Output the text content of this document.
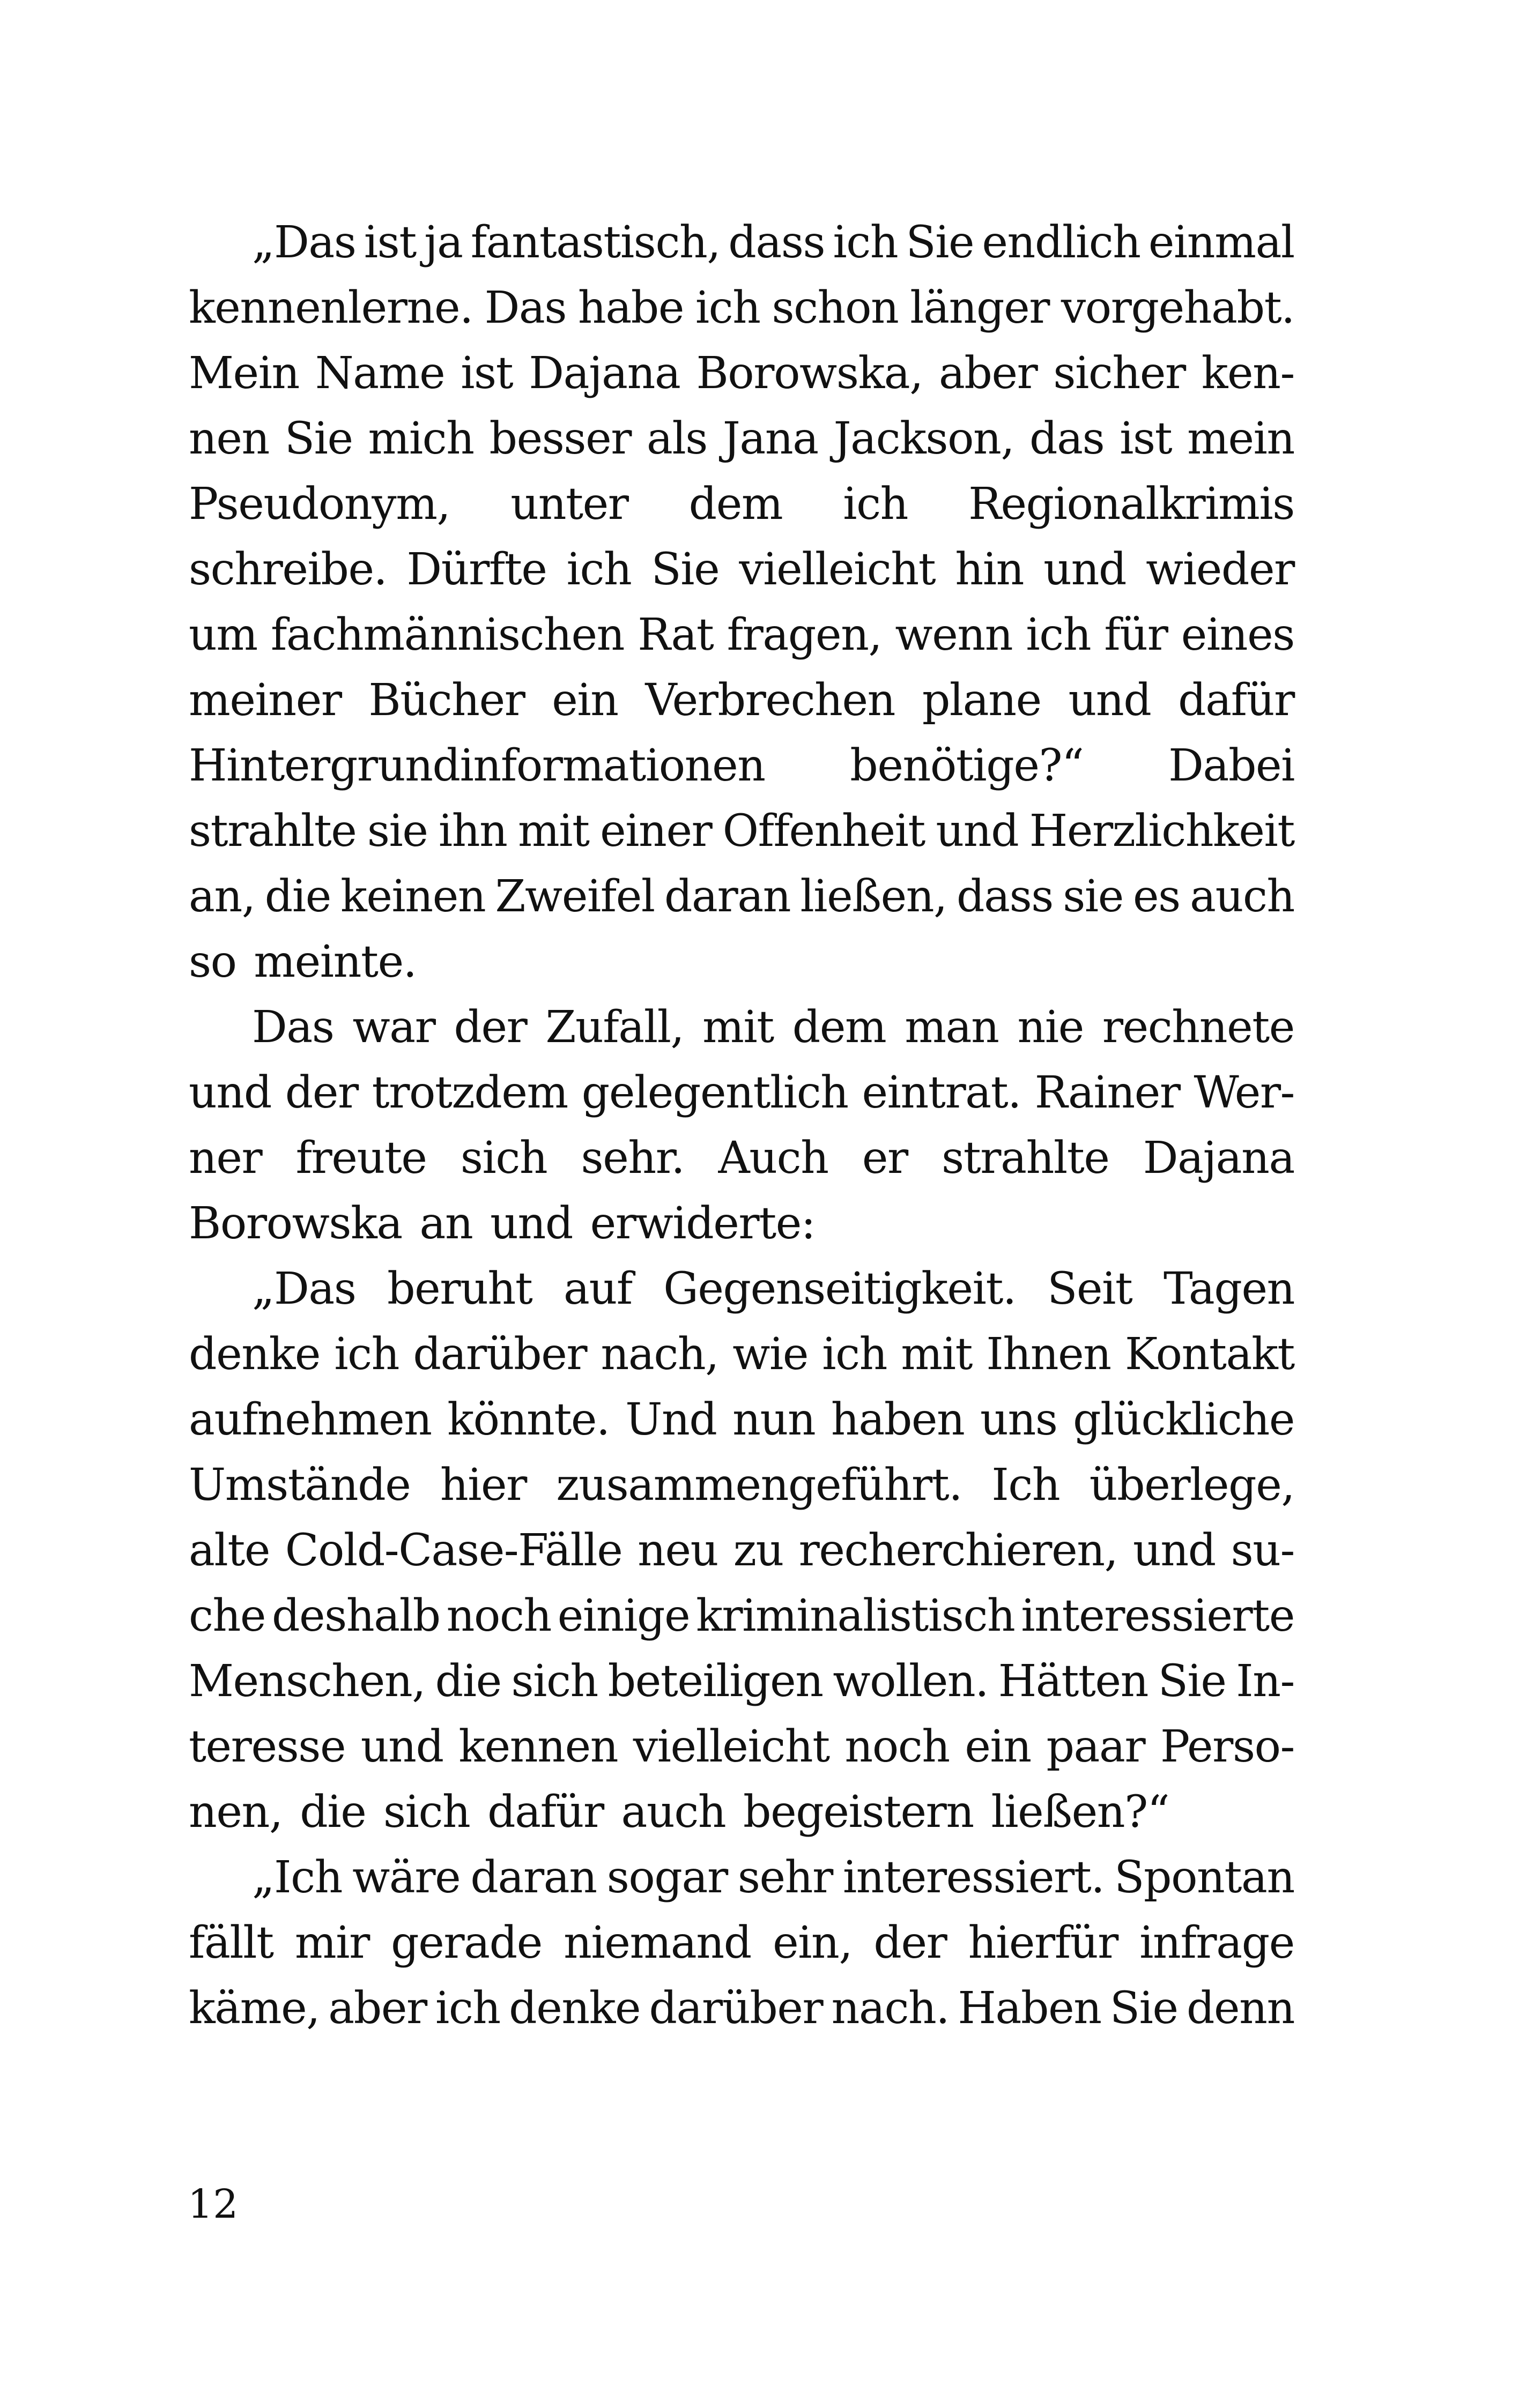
„Das ist ja fantastisch, dass ich Sie endlich einmal
kennenlerne. Das habe ich schon länger vorgehabt.
Mein Name ist Dajana Borowska, aber sicher ken-
nen Sie mich besser als Jana Jackson, das ist mein
Pseudonym, unter dem ich Regionalkrimis
schreibe. Dürfte ich Sie vielleicht hin und wieder
um fachmännischen Rat fragen, wenn ich für eines
meiner Bücher ein Verbrechen plane und dafür
Hintergrundinformationen benötige?“ Dabei
strahlte sie ihn mit einer Offenheit und Herzlichkeit
an, die keinen Zweifel daran ließen, dass sie es auch
so meinte.
Das war der Zufall, mit dem man nie rechnete
und der trotzdem gelegentlich eintrat. Rainer Wer-
ner freute sich sehr. Auch er strahlte Dajana
Borowska an und erwiderte:
„Das beruht auf Gegenseitigkeit. Seit Tagen
denke ich darüber nach, wie ich mit Ihnen Kontakt
aufnehmen könnte. Und nun haben uns glückliche
Umstände hier zusammengeführt. Ich überlege,
alte Cold-Case-Fälle neu zu recherchieren, und su-
che deshalb noch einige kriminalistisch interessierte
Menschen, die sich beteiligen wollen. Hätten Sie In-
teresse und kennen vielleicht noch ein paar Perso-
nen, die sich dafür auch begeistern ließen?“
„Ich wäre daran sogar sehr interessiert. Spontan
fällt mir gerade niemand ein, der hierfür infrage
käme, aber ich denke darüber nach. Haben Sie denn
12
